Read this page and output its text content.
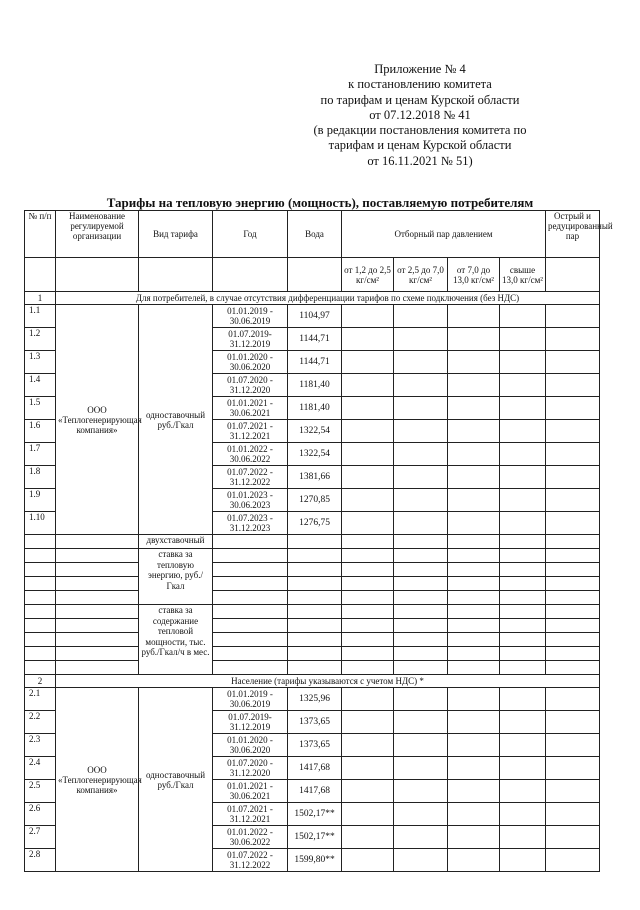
Приложение № 4
к постановлению комитета
по тарифам и ценам Курской области
от 07.12.2018 № 41
(в редакции постановления комитета по
тарифам и ценам Курской области
от 16.11.2021 № 51)
Тарифы на тепловую энергию (мощность), поставляемую потребителям
№ п/п	Наименование регулируемой организации	Вид тарифа	Год	Вода	Отборный пар давлением				Острый и редуцированный пар
					от 1,2 до 2,5 кг/см²	от 2,5 до 7,0 кг/см²	от 7,0 до 13,0 кг/см²	свыше 13,0 кг/см²	
1	Для потребителей, в случае отсутствия дифференциации тарифов по схеме подключения (без НДС)								
1.1	ООО «Теплогенерирующая компания»	одноставочный руб./Гкал	01.01.2019 - 30.06.2019	1104,97					
1.2			01.07.2019- 31.12.2019	1144,71					
1.3			01.01.2020 - 30.06.2020	1144,71					
1.4			01.07.2020 - 31.12.2020	1181,40					
1.5			01.01.2021 - 30.06.2021	1181,40					
1.6			01.07.2021 - 31.12.2021	1322,54					
1.7			01.01.2022 - 30.06.2022	1322,54					
1.8			01.07.2022 - 31.12.2022	1381,66					
1.9			01.01.2023 - 30.06.2023	1270,85					
1.10			01.07.2023 - 31.12.2023	1276,75					
		двухставочный							
		ставка за тепловую энергию, руб./Гкал							

		ставка за содержание тепловой мощности, тыс. руб./Гкал/ч в мес.							

2	Население (тарифы указываются с учетом НДС) *								
2.1	ООО «Теплогенерирующая компания»	одноставочный руб./Гкал	01.01.2019 - 30.06.2019	1325,96					
2.2			01.07.2019- 31.12.2019	1373,65					
2.3			01.01.2020 - 30.06.2020	1373,65					
2.4			01.07.2020 - 31.12.2020	1417,68					
2.5			01.01.2021 - 30.06.2021	1417,68					
2.6			01.07.2021 - 31.12.2021	1502,17**					
2.7			01.01.2022 - 30.06.2022	1502,17**					
2.8			01.07.2022 - 31.12.2022	1599,80**					
